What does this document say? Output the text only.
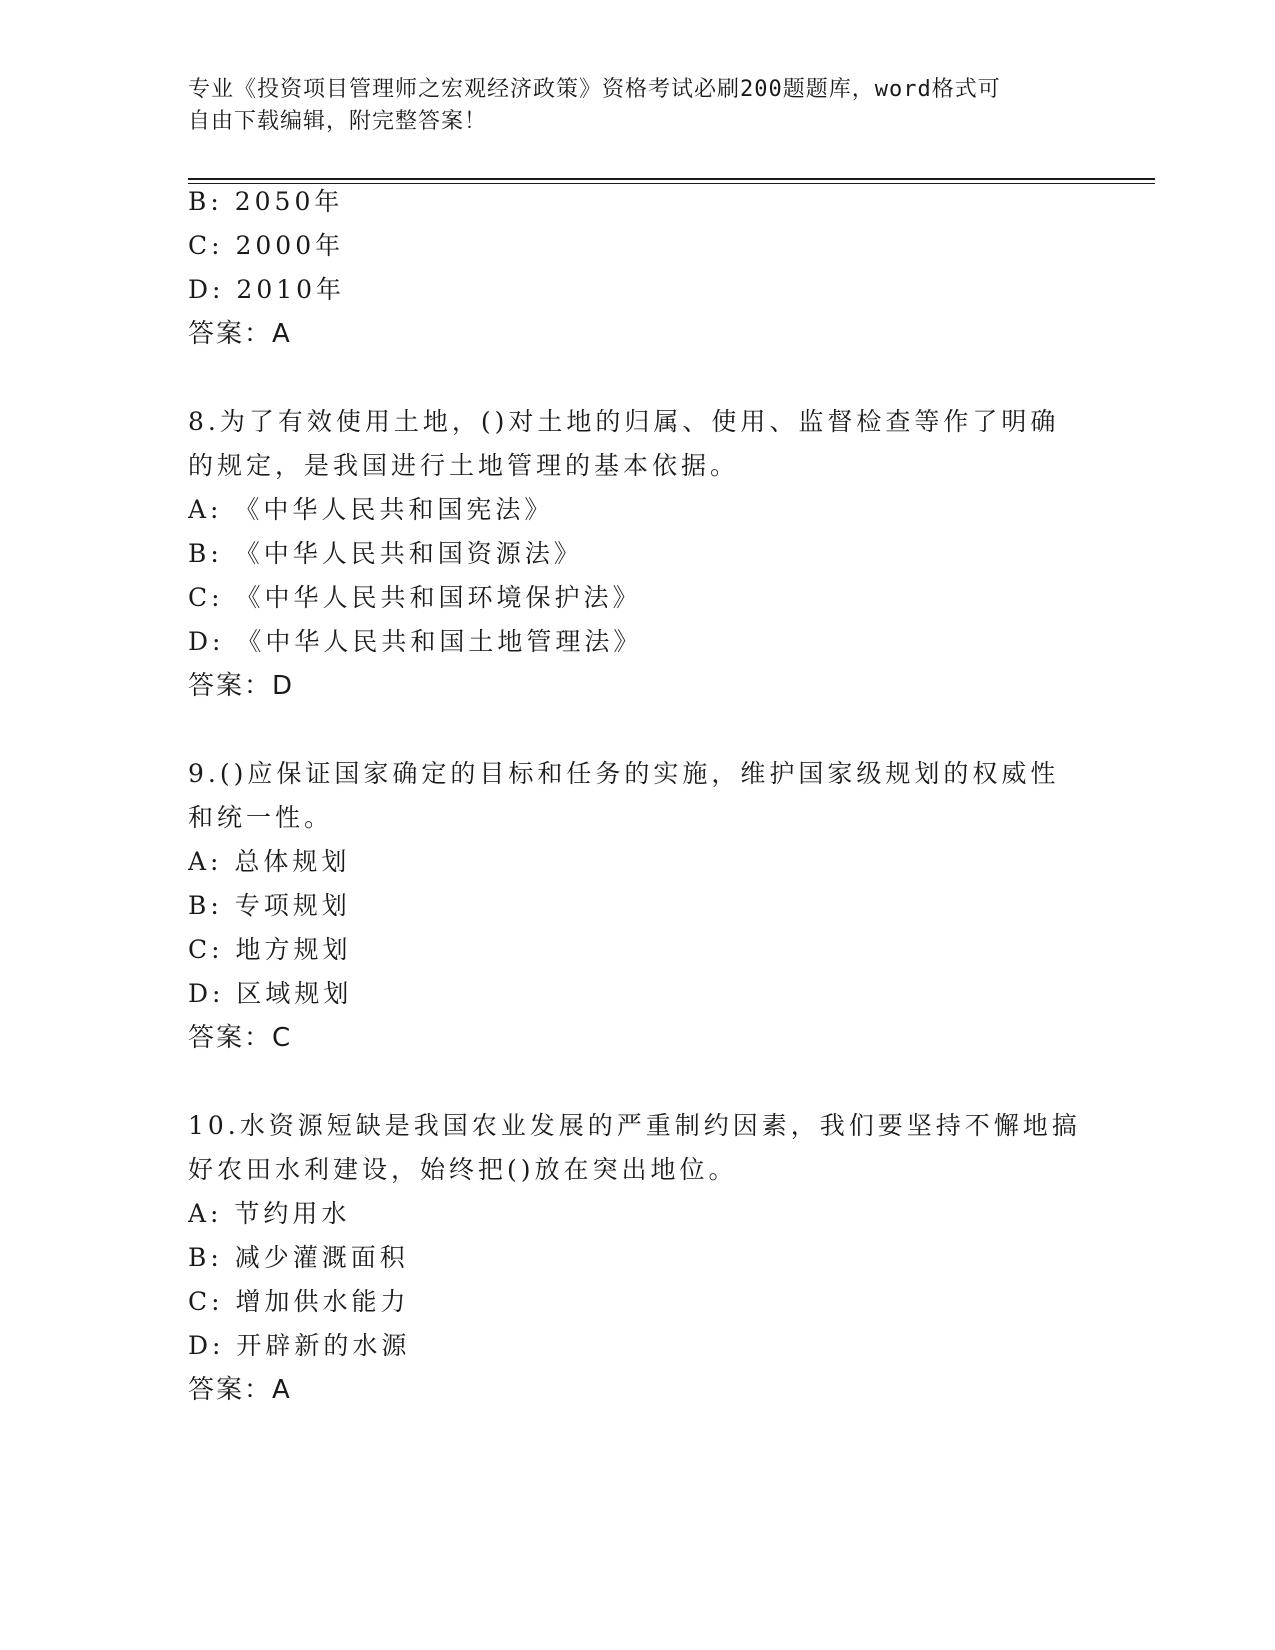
专业《投资项目管理师之宏观经济政策》资格考试必刷200题题库，word格式可
自由下载编辑，附完整答案！
B: 2050年
C: 2000年
D: 2010年
答案：A
8.为了有效使用土地，()对土地的归属、使用、监督检查等作了明确
的规定，是我国进行土地管理的基本依据。
A: 《中华人民共和国宪法》
B: 《中华人民共和国资源法》
C: 《中华人民共和国环境保护法》
D: 《中华人民共和国土地管理法》
答案：D
9.()应保证国家确定的目标和任务的实施，维护国家级规划的权威性
和统一性。
A: 总体规划
B: 专项规划
C: 地方规划
D: 区域规划
答案：C
10.水资源短缺是我国农业发展的严重制约因素，我们要坚持不懈地搞
好农田水利建设，始终把()放在突出地位。
A: 节约用水
B: 减少灌溉面积
C: 增加供水能力
D: 开辟新的水源
答案：A
